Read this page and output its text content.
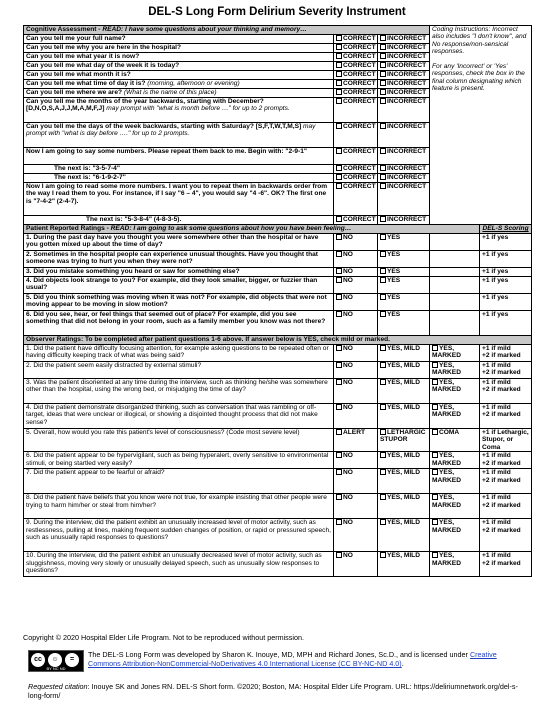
DEL-S Long Form Delirium Severity Instrument
Cognitive Assessment - READ: I have some questions about your thinking and memory…			Coding Instructions: Incorrect also includes "I don't know", and No response/non-sensical responses.

For any 'Incorrect' or 'Yes' responses, check the box in the final column designating which feature is present.	

Can you tell me your full name?	CORRECT	INCORRECT		
Can you tell me why you are here in the hospital?	CORRECT	INCORRECT		
Can you tell me what year it is now?	CORRECT	INCORRECT		
Can you tell me what day of the week it is today?	CORRECT	INCORRECT		
Can you tell me what month it is?	CORRECT	INCORRECT		
Can you tell me what time of day it is? (morning, afternoon or evening)	CORRECT	INCORRECT		
Can you tell me where we are? (What is the name of this place)	CORRECT	INCORRECT		
Can you tell me the months of the year backwards, starting with December? [D,N,O,S,A,J,J,M,A,M,F,J] may prompt with "what is month before …" for up to 2 prompts.	CORRECT	INCORRECT		
Can you tell me the days of the week backwards, starting with Saturday? [S,F,T,W,T,M,S] may prompt with "what is day before …." for up to 2 prompts.	CORRECT	INCORRECT		
Now I am going to say some numbers. Please repeat them back to me. Begin with: "2-9-1"	CORRECT	INCORRECT		
The next is: "3-5-7-4"	CORRECT	INCORRECT		
The next is: "6-1-9-2-7"	CORRECT	INCORRECT		
Now I am going to read some more numbers. I want you to repeat them in backwards order from the way I read them to you. For instance, if I say "6 – 4", you would say "4 -6". OK? The first one is "7-4-2" (2-4-7).	CORRECT	INCORRECT		
The next is: "5-3-8-4" (4-8-3-5).	CORRECT	INCORRECT		
Patient Reported Ratings - READ: I am going to ask some questions about how you have been feeling…				DEL-S Scoring
1. During the past day have you thought you were somewhere other than the hospital or have you gotten mixed up about the time of day?	NO	YES		+1 if yes
2. Sometimes in the hospital people can experience unusual thoughts. Have you thought that someone was trying to hurt you when they were not?	NO	YES		+1 if yes
3. Did you mistake something you heard or saw for something else?	NO	YES		+1 if yes
4. Did objects look strange to you? For example, did they look smaller, bigger, or fuzzier than usual?	NO	YES		+1 if yes
5. Did you think something was moving when it was not? For example, did objects that were not moving appear to be moving in slow motion?	NO	YES		+1 if yes
6. Did you see, hear, or feel things that seemed out of place? For example, did you see something that did not belong in your room, such as a family member you know was not there?	NO	YES		+1 if yes
Observer Ratings: To be completed after patient questions 1-6 above. If answer below is YES, check mild or marked.				
1. Did the patient have difficulty focusing attention, for example asking questions to be repeated often or having difficulty keeping track of what was being said?	NO	YES, MILD	YES, MARKED	+1 if mild
+2 if marked

2. Did the patient seem easily distracted by external stimuli?	NO	YES, MILD	YES, MARKED	+1 if mild
+2 if marked

3. Was the patient disoriented at any time during the interview, such as thinking he/she was somewhere other than the hospital, using the wrong bed, or misjudging the time of day?	NO	YES, MILD	YES, MARKED	+1 if mild
+2 if marked

4. Did the patient demonstrate disorganized thinking, such as conversation that was rambling or off-target, ideas that were unclear or illogical, or showing a disjointed thought process that did not make sense?	NO	YES, MILD	YES, MARKED	+1 if mild
+2 if marked

5. Overall, how would you rate this patient's level of consciousness? (Code most severe level)	ALERT	LETHARGIC STUPOR	COMA	+1 if Lethargic, Stupor, or Coma
6. Did the patient appear to be hypervigilant, such as being hyperalert, overly sensitive to environmental stimuli, or being startled very easily?	NO	YES, MILD	YES, MARKED	+1 if mild
+2 if marked

7. Did the patient appear to be fearful or afraid?	NO	YES, MILD	YES, MARKED	+1 if mild
+2 if marked

8. Did the patient have beliefs that you know were not true, for example insisting that other people were trying to harm him/her or steal from him/her?	NO	YES, MILD	YES, MARKED	+1 if mild
+2 if marked

9. During the interview, did the patient exhibit an unusually increased level of motor activity, such as restlessness, pulling at lines, making frequent sudden changes of position, or rapid or pressured speech, such as unusually rapid responses to questions?	NO	YES, MILD	YES, MARKED	+1 if mild
+2 if marked

10. During the interview, did the patient exhibit an unusually decreased level of motor activity, such as sluggishness, moving very slowly or unusually delayed speech, such as unusually slow responses to questions?	NO	YES, MILD	YES, MARKED	+1 if mild
+2 if marked
Copyright © 2020 Hospital Elder Life Program. Not to be reproduced without permission.
cc	☺	=
BY NC ND
The DEL-S Long Form was developed by Sharon K. Inouye, MD, MPH and Richard Jones, Sc.D., and is licensed under Creative Commons Attribution-NonCommercial-NoDerivatives 4.0 International License (CC BY-NC-ND 4.0).
Requested citation: Inouye SK and Jones RN. DEL-S Short form. ©2020; Boston, MA: Hospital Elder Life Program. URL: https://deliriumnetwork.org/del-s-long-form/
